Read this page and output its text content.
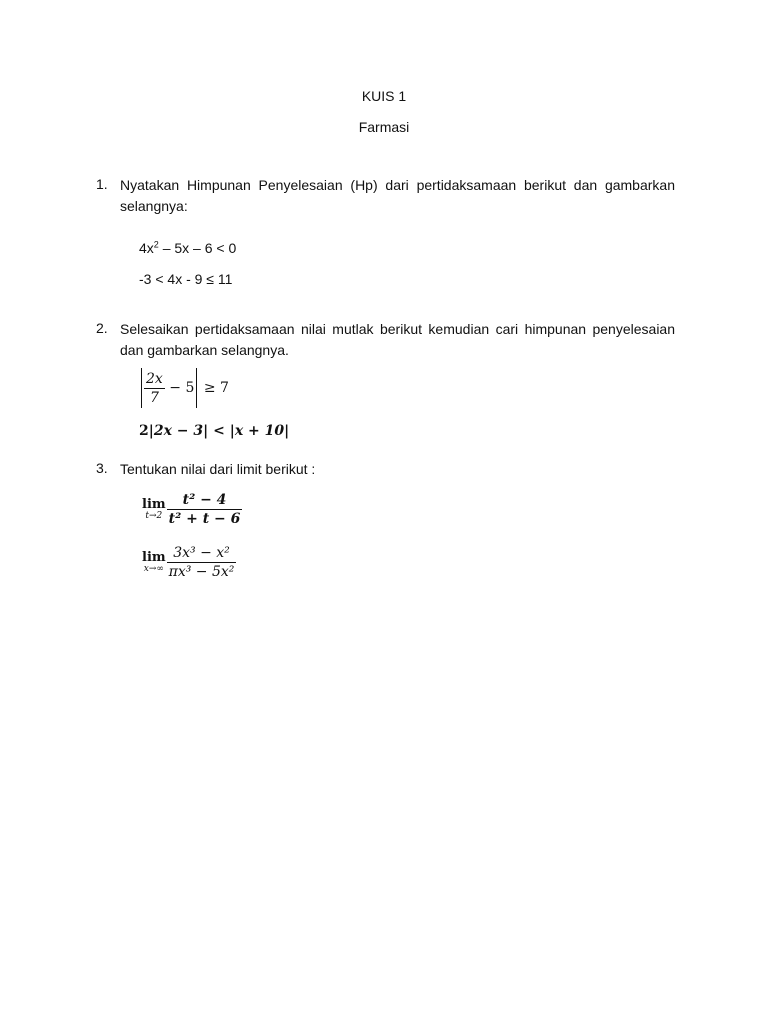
KUIS 1
Farmasi
1. Nyatakan Himpunan Penyelesaian (Hp) dari pertidaksamaan berikut dan gambarkan selangnya:
$4x^2 - 5x - 6 < 0$
-3 < 4x - 9 ≤ 11
2. Selesaikan pertidaksamaan nilai mutlak berikut kemudian cari himpunan penyelesaian dan gambarkan selangnya.
$\frac{2x}{7} - 5 \ge 7$
2|2x − 3| < |x + 10|
3. Tentukan nilai dari limit berikut :
lim
$t\to 2 \frac{\text{t² − 4}}{\text{t² + t − 6}}$
lim
$x\to\infty \frac{\text{3x³ − x²}}{\text{πx³ − 5x²}}$
